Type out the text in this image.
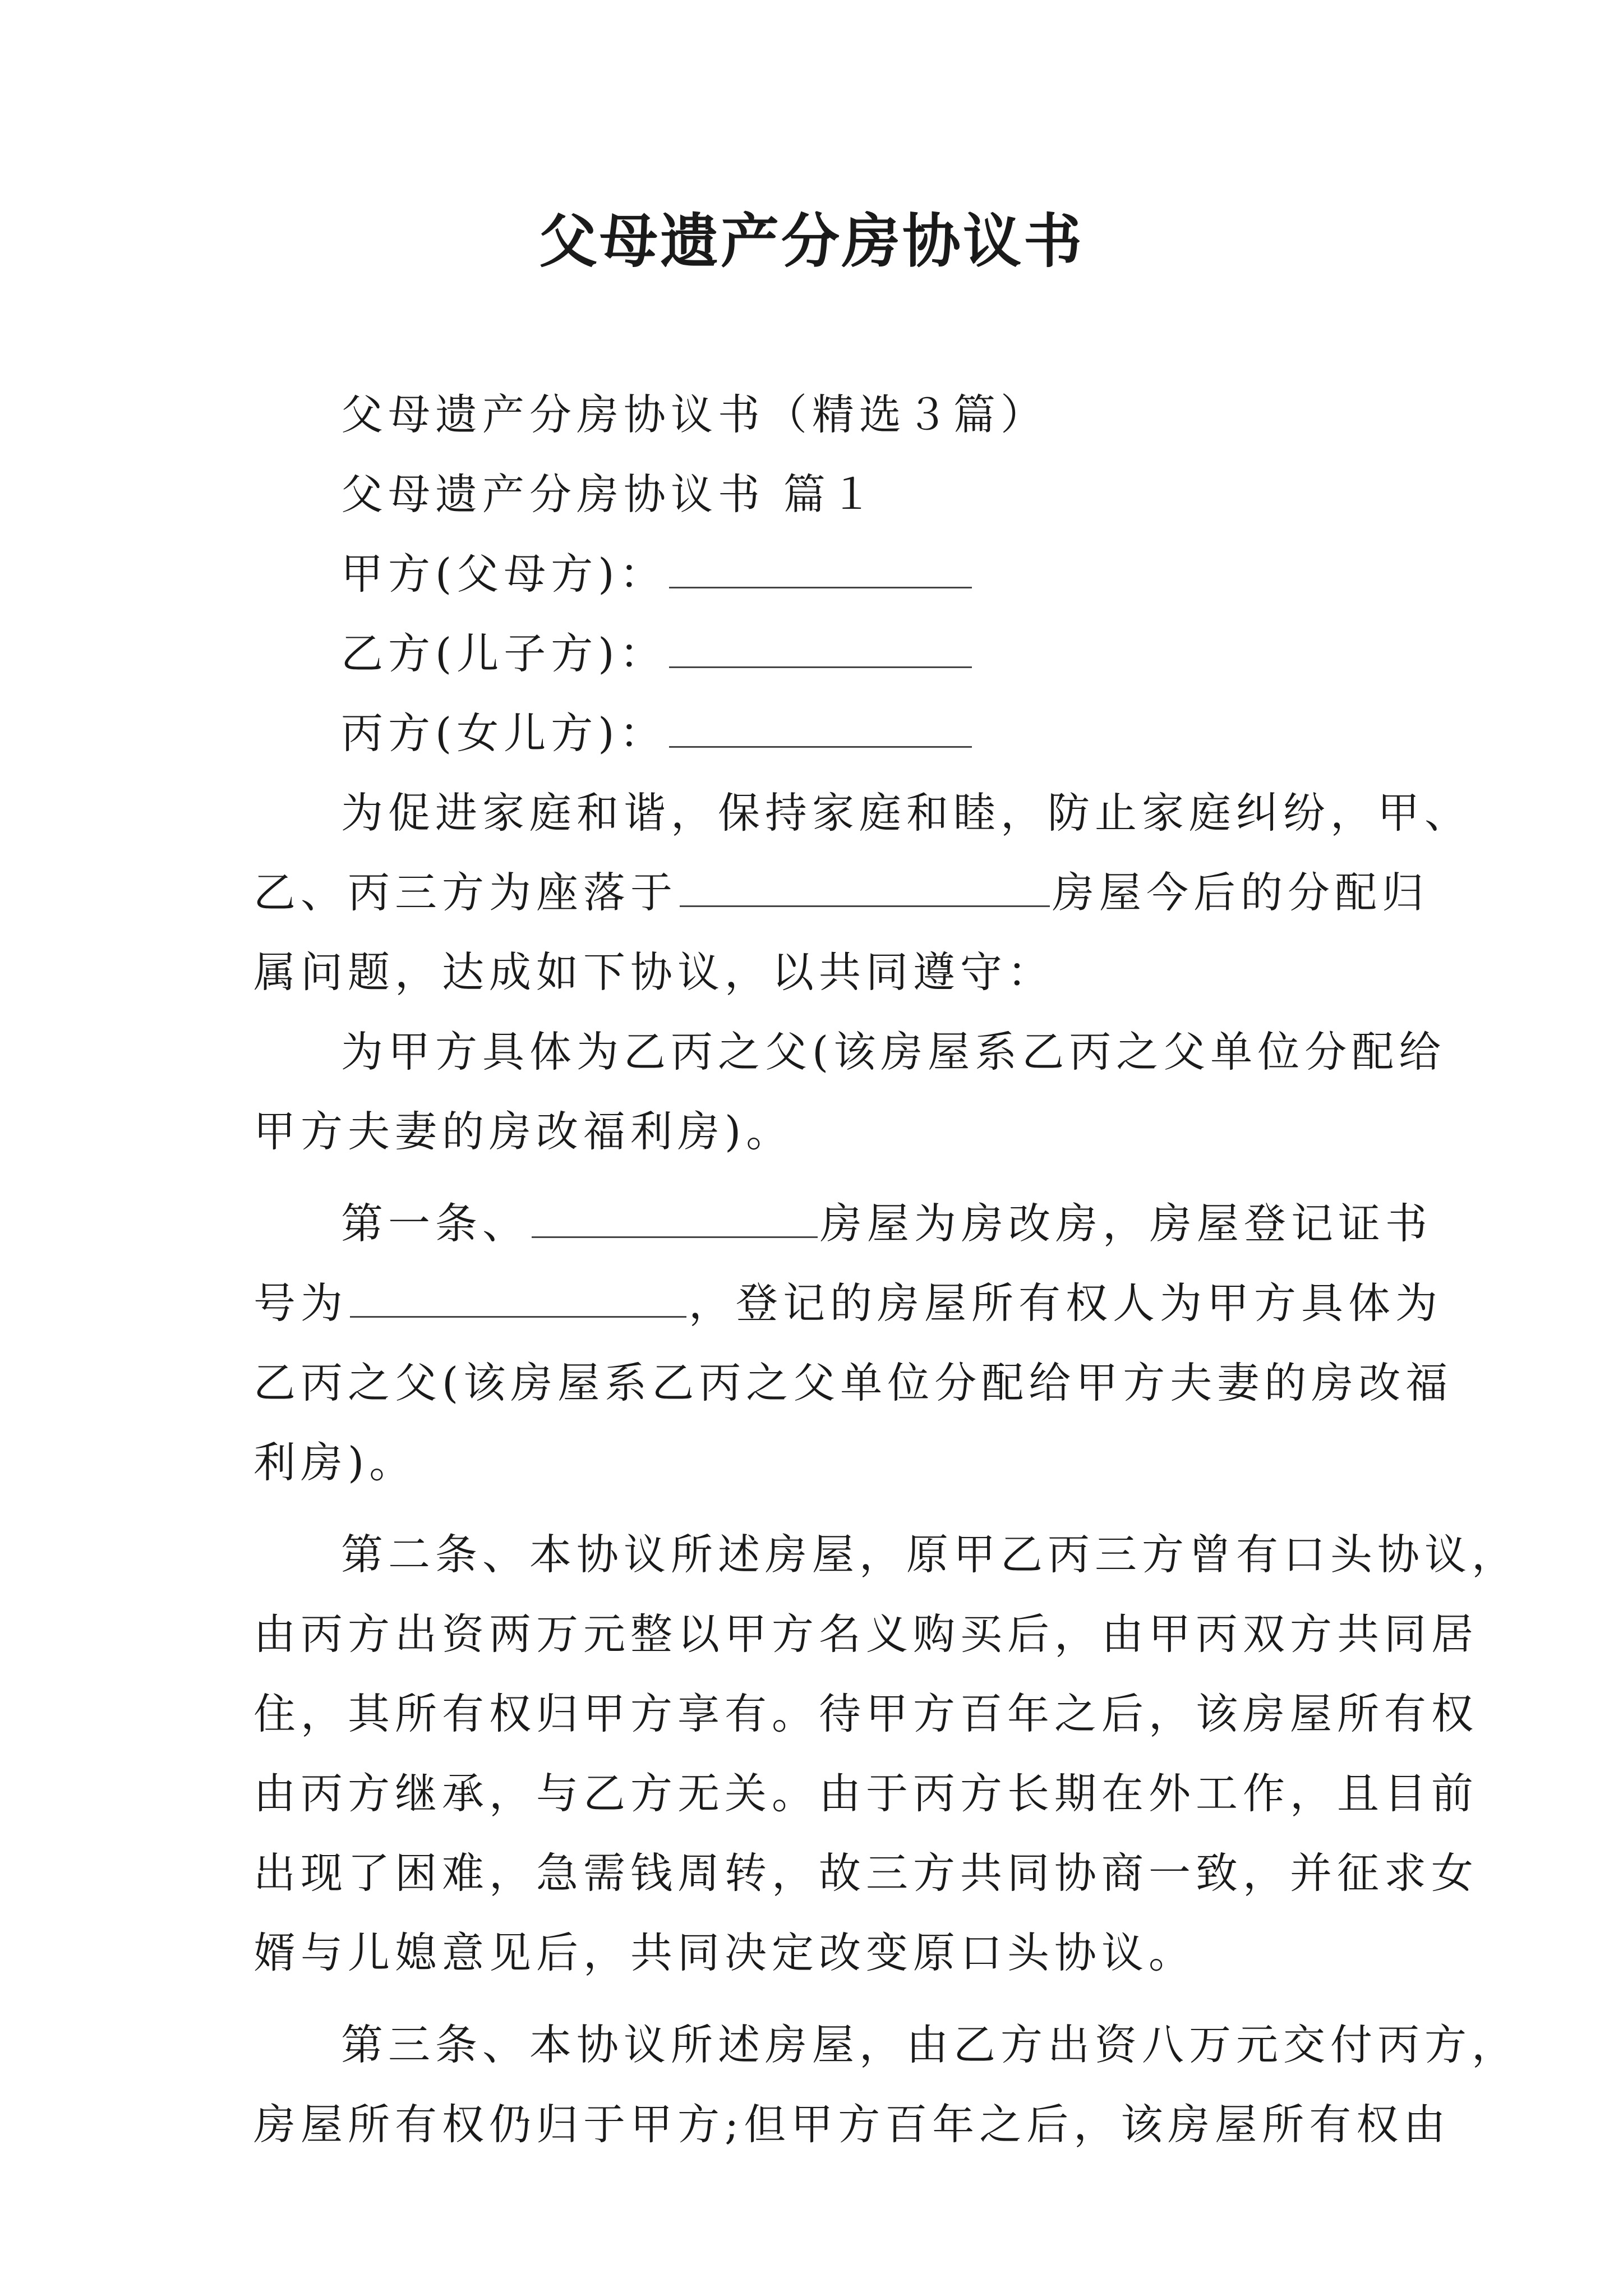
父母遗产分房协议书
父母遗产分房协议书（精选３篇）
父母遗产分房协议书 篇１
甲方(父母方)：
乙方(儿子方)：
丙方(女儿方)：
为促进家庭和谐，保持家庭和睦，防止家庭纠纷，甲、
乙、丙三方为座落于	房屋今后的分配归
属问题，达成如下协议，以共同遵守：
为甲方具体为乙丙之父(该房屋系乙丙之父单位分配给
甲方夫妻的房改福利房)。
第一条、	房屋为房改房，房屋登记证书
号为	，登记的房屋所有权人为甲方具体为
乙丙之父(该房屋系乙丙之父单位分配给甲方夫妻的房改福
利房)。
第二条、本协议所述房屋，原甲乙丙三方曾有口头协议，
由丙方出资两万元整以甲方名义购买后，由甲丙双方共同居
住，其所有权归甲方享有。待甲方百年之后，该房屋所有权
由丙方继承，与乙方无关。由于丙方长期在外工作，且目前
出现了困难，急需钱周转，故三方共同协商一致，并征求女
婿与儿媳意见后，共同决定改变原口头协议。
第三条、本协议所述房屋，由乙方出资八万元交付丙方，
房屋所有权仍归于甲方;但甲方百年之后，该房屋所有权由
